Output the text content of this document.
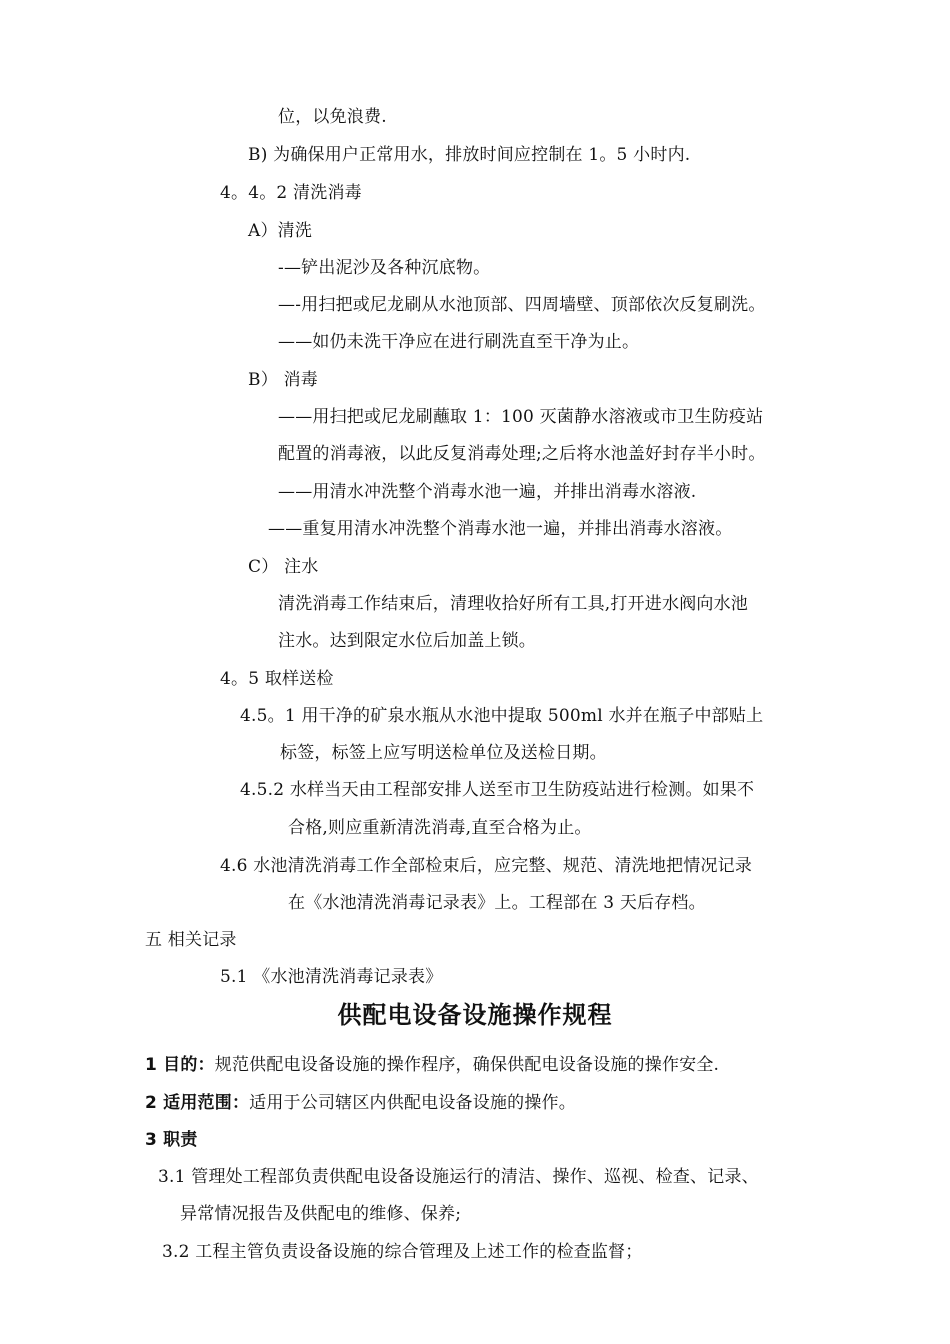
位，以免浪费.
B) 为确保用户正常用水，排放时间应控制在 1。5 小时内.
4。4。2 清洗消毒
A）清洗
-—铲出泥沙及各种沉底物。
—-用扫把或尼龙刷从水池顶部、四周墙壁、顶部依次反复刷洗。
——如仍未洗干净应在进行刷洗直至干净为止。
B） 消毒
——用扫把或尼龙刷蘸取 1：100 灭菌静水溶液或市卫生防疫站
配置的消毒液，以此反复消毒处理;之后将水池盖好封存半小时。
——用清水冲洗整个消毒水池一遍，并排出消毒水溶液.
——重复用清水冲洗整个消毒水池一遍，并排出消毒水溶液。
C） 注水
清洗消毒工作结束后，清理收拾好所有工具,打开进水阀向水池
注水。达到限定水位后加盖上锁。
4。5 取样送检
4.5。1 用干净的矿泉水瓶从水池中提取 500ml 水并在瓶子中部贴上
标签，标签上应写明送检单位及送检日期。
4.5.2 水样当天由工程部安排人送至市卫生防疫站进行检测。如果不
合格,则应重新清洗消毒,直至合格为止。
4.6 水池清洗消毒工作全部检束后，应完整、规范、清洗地把情况记录
在《水池清洗消毒记录表》上。工程部在 3 天后存档。
五 相关记录
5.1 《水池清洗消毒记录表》
供配电设备设施操作规程
1 目的：规范供配电设备设施的操作程序，确保供配电设备设施的操作安全.
2 适用范围：适用于公司辖区内供配电设备设施的操作。
3 职责
3.1 管理处工程部负责供配电设备设施运行的清洁、操作、巡视、检查、记录、
异常情况报告及供配电的维修、保养;
3.2 工程主管负责设备设施的综合管理及上述工作的检查监督；
